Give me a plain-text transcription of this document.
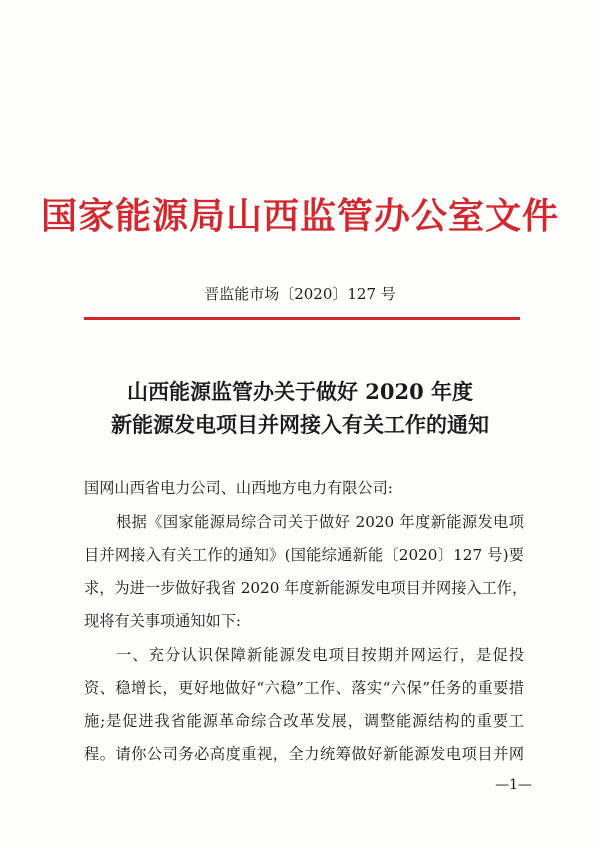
国家能源局山西监管办公室文件
晋监能市场〔2020〕127 号
山西能源监管办关于做好 2020 年度
新能源发电项目并网接入有关工作的通知
国网山西省电力公司、山西地方电力有限公司:
根据《国家能源局综合司关于做好 2020 年度新能源发电项
目并网接入有关工作的通知》(国能综通新能〔2020〕127 号)要
求，为进一步做好我省 2020 年度新能源发电项目并网接入工作，
现将有关事项通知如下:
一、充分认识保障新能源发电项目按期并网运行，是促投
资、稳增长，更好地做好“六稳”工作、落实“六保”任务的重要措
施;是促进我省能源革命综合改革发展，调整能源结构的重要工
程。请你公司务必高度重视，全力统筹做好新能源发电项目并网
—1—
